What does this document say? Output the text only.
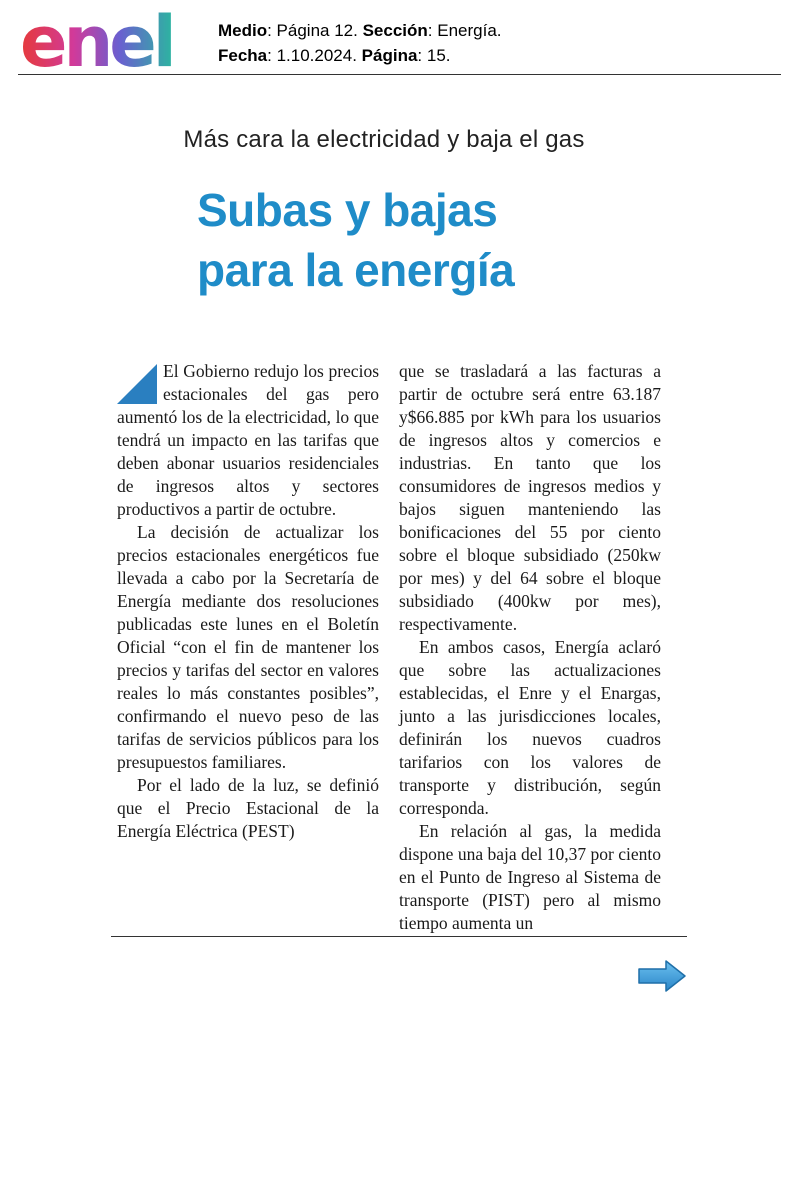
enel	Medio: Página 12. Sección: Energía.
Fecha: 1.10.2024. Página: 15.
Más cara la electricidad y baja el gas
Subas y bajas
para la energía

El Gobierno redujo los precios estacionales del gas pero aumentó los de la electricidad, lo que tendrá un impacto en las tarifas que deben abonar usuarios residenciales de ingresos altos y sectores productivos a partir de octubre.

La decisión de actualizar los precios estacionales energéticos fue llevada a cabo por la Secretaría de Energía mediante dos resoluciones publicadas este lunes en el Boletín Oficial “con el fin de mantener los precios y tarifas del sector en valores reales lo más constantes posibles”, confirmando el nuevo peso de las tarifas de servicios públicos para los presupuestos familiares.

Por el lado de la luz, se definió que el Precio Estacional de la Energía Eléctrica (PEST)

que se trasladará a las facturas a partir de octubre será entre 63.187 y$66.885 por kWh para los usuarios de ingresos altos y comercios e industrias. En tanto que los consumidores de ingresos medios y bajos siguen manteniendo las bonificaciones del 55 por ciento sobre el bloque subsidiado (250kw por mes) y del 64 sobre el bloque subsidiado (400kw por mes), respectivamente.

En ambos casos, Energía aclaró que sobre las actualizaciones establecidas, el Enre y el Enargas, junto a las jurisdicciones locales, definirán los nuevos cuadros tarifarios con los valores de transporte y distribución, según corresponda.

En relación al gas, la medida dispone una baja del 10,37 por ciento en el Punto de Ingreso al Sistema de transporte (PIST) pero al mismo tiempo aumenta un
